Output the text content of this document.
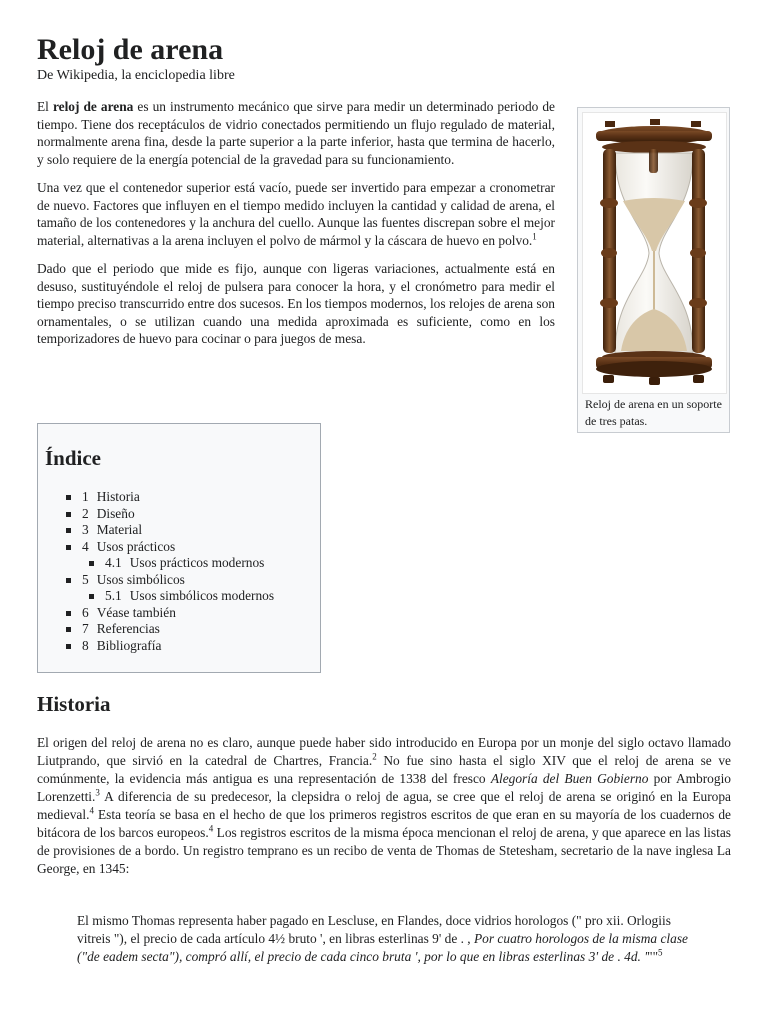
Reloj de arena
De Wikipedia, la enciclopedia libre

El reloj de arena es un instrumento mecánico que sirve para medir un determinado periodo de tiempo. Tiene dos receptáculos de vidrio conectados permitiendo un flujo regulado de material, normalmente arena fina, desde la parte superior a la parte inferior, hasta que termina de hacerlo, y solo requiere de la energía potencial de la gravedad para su funcionamiento.

Una vez que el contenedor superior está vacío, puede ser invertido para empezar a cronometrar de nuevo. Factores que influyen en el tiempo medido incluyen la cantidad y calidad de arena, el tamaño de los contenedores y la anchura del cuello. Aunque las fuentes discrepan sobre el mejor material, alternativas a la arena incluyen el polvo de mármol y la cáscara de huevo en polvo.$^1$

Dado que el periodo que mide es fijo, aunque con ligeras variaciones, actualmente está en desuso, sustituyéndole el reloj de pulsera para conocer la hora, y el cronómetro para medir el tiempo preciso transcurrido entre dos sucesos. En los tiempos modernos, los relojes de arena son ornamentales, o se utilizan cuando una medida aproximada es suficiente, como en los temporizadores de huevo para cocinar o para juegos de mesa.

Reloj de arena en un soporte de tres patas.
Índice
1 Historia
2 Diseño
3 Material
4 Usos prácticos
4.1 Usos prácticos modernos
5 Usos simbólicos
5.1 Usos simbólicos modernos
6 Véase también
7 Referencias
8 Bibliografía
Historia

El origen del reloj de arena no es claro, aunque puede haber sido introducido en Europa por un monje del siglo octavo llamado Liutprando, que sirvió en la catedral de Chartres, Francia.$^2$ No fue sino hasta el siglo XIV que el reloj de arena se ve comúnmente, la evidencia más antigua es una representación de 1338 del fresco Alegoría del Buen Gobierno por Ambrogio Lorenzetti.$^3$ A diferencia de su predecesor, la clepsidra o reloj de agua, se cree que el reloj de arena se originó en la Europa medieval.$^4$ Esta teoría se basa en el hecho de que los primeros registros escritos de que eran en su mayoría de los cuadernos de bitácora de los barcos europeos.$^4$ Los registros escritos de la misma época mencionan el reloj de arena, y que aparece en las listas de provisiones de a bordo. Un registro temprano es un recibo de venta de Thomas de Stetesham, secretario de la nave inglesa La George, en 1345:

El mismo Thomas representa haber pagado en Lescluse, en Flandes, doce vidrios horologos (" pro xii. Orlogiis vitreis "), el precio de cada artículo 4½ bruto ', en libras esterlinas 9' de . , Por cuatro horologos de la misma clase ("de eadem secta"), compró allí, el precio de cada cinco bruta ', por lo que en libras esterlinas 3' de . 4d. '""$^5$
